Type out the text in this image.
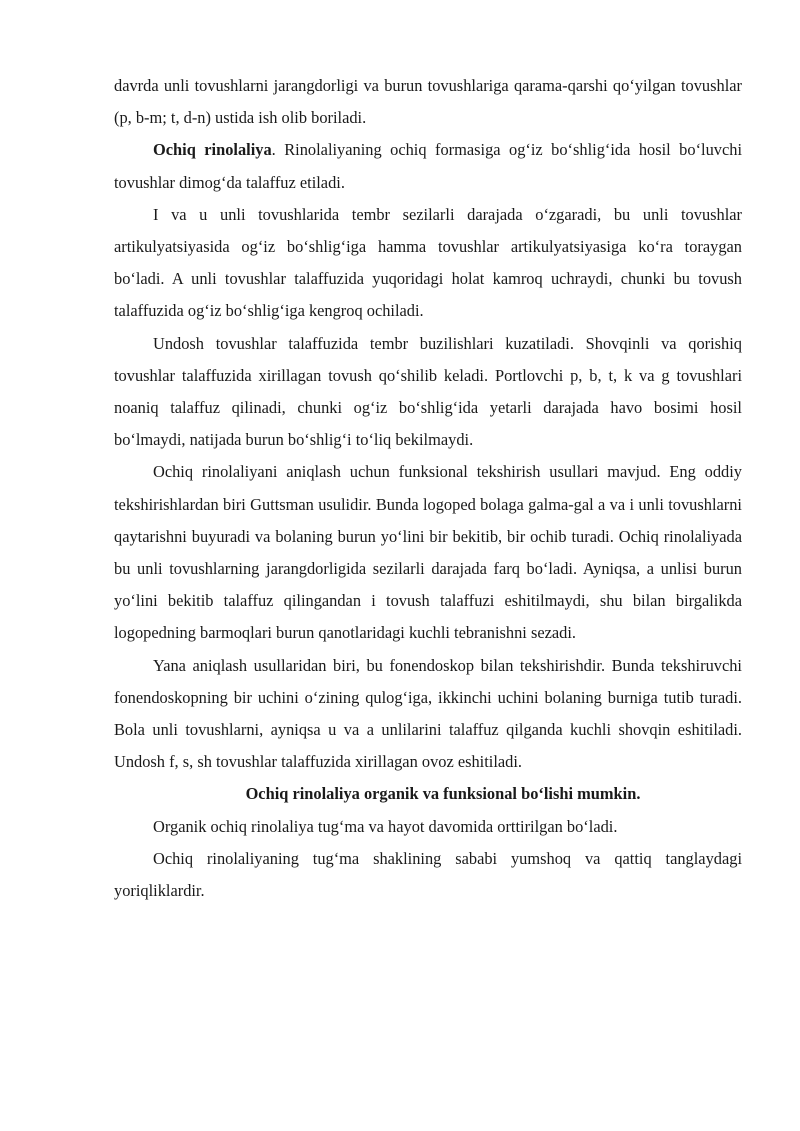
davrda unli tovushlarni jarangdorligi va burun tovushlariga qarama-qarshi qo‘yilgan tovushlar (p, b-m; t, d-n) ustida ish olib boriladi.

Ochiq rinolaliya. Rinolaliyaning ochiq formasiga og‘iz bo‘shlig‘ida hosil bo‘luvchi tovushlar dimog‘da talaffuz etiladi.

I va u unli tovushlarida tembr sezilarli darajada o‘zgaradi, bu unli tovushlar artikulyatsiyasida og‘iz bo‘shlig‘iga hamma tovushlar artikulyatsiyasiga ko‘ra toraygan bo‘ladi. A unli tovushlar talaffuzida yuqoridagi holat kamroq uchraydi, chunki bu tovush talaffuzida og‘iz bo‘shlig‘iga kengroq ochiladi.

Undosh tovushlar talaffuzida tembr buzilishlari kuzatiladi. Shovqinli va qorishiq tovushlar talaffuzida xirillagan tovush qo‘shilib keladi. Portlovchi p, b, t, k va g tovushlari noaniq talaffuz qilinadi, chunki og‘iz bo‘shlig‘ida yetarli darajada havo bosimi hosil bo‘lmaydi, natijada burun bo‘shlig‘i to‘liq bekilmaydi.

Ochiq rinolaliyani aniqlash uchun funksional tekshirish usullari mavjud. Eng oddiy tekshirishlardan biri Guttsman usulidir. Bunda logoped bolaga galma-gal a va i unli tovushlarni qaytarishni buyuradi va bolaning burun yo‘lini bir bekitib, bir ochib turadi. Ochiq rinolaliyada bu unli tovushlarning jarangdorligida sezilarli darajada farq bo‘ladi. Ayniqsa, a unlisi burun yo‘lini bekitib talaffuz qilingandan i tovush talaffuzi eshitilmaydi, shu bilan birgalikda logopedning barmoqlari burun qanotlaridagi kuchli tebranishni sezadi.

Yana aniqlash usullaridan biri, bu fonendoskop bilan tekshirishdir. Bunda tekshiruvchi fonendoskopning bir uchini o‘zining qulog‘iga, ikkinchi uchini bolaning burniga tutib turadi. Bola unli tovushlarni, ayniqsa u va a unlilarini talaffuz qilganda kuchli shovqin eshitiladi. Undosh f, s, sh tovushlar talaffuzida xirillagan ovoz eshitiladi.

Ochiq rinolaliya organik va funksional bo‘lishi mumkin.

Organik ochiq rinolaliya tug‘ma va hayot davomida orttirilgan bo‘ladi.

Ochiq rinolaliyaning tug‘ma shaklining sababi yumshoq va qattiq tanglaydagi yoriqliklardir.
